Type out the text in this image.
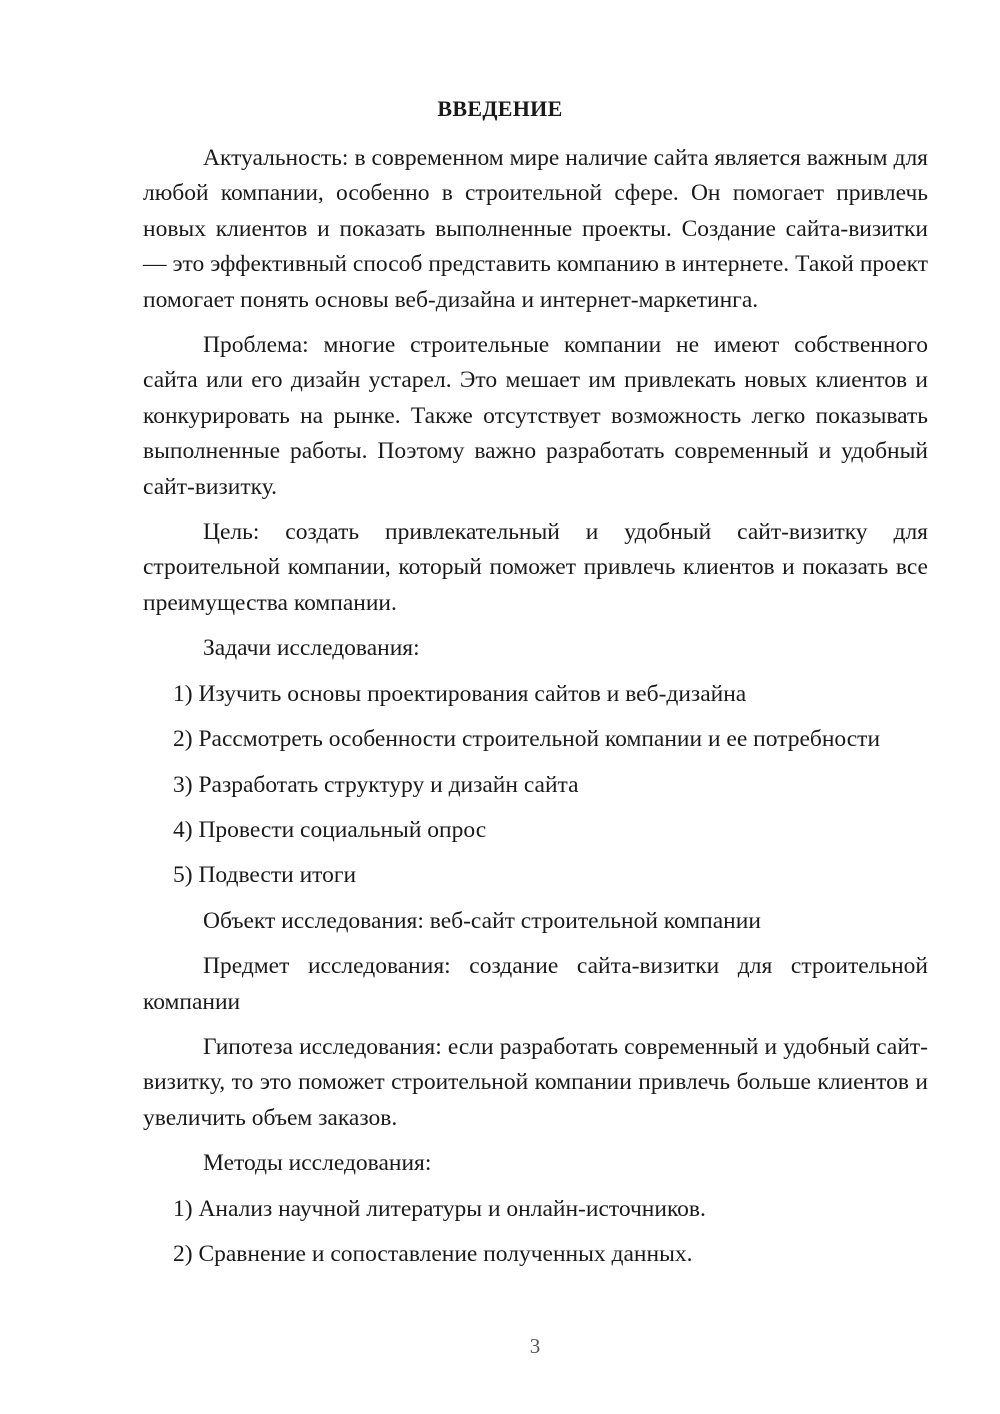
ВВЕДЕНИЕ

Актуальность: в современном мире наличие сайта является важным для любой компании, особенно в строительной сфере. Он помогает привлечь новых клиентов и показать выполненные проекты. Создание сайта-визитки — это эффективный способ представить компанию в интернете. Такой проект помогает понять основы веб-дизайна и интернет-маркетинга.

Проблема: многие строительные компании не имеют собственного сайта или его дизайн устарел. Это мешает им привлекать новых клиентов и конкурировать на рынке. Также отсутствует возможность легко показывать выполненные работы. Поэтому важно разработать современный и удобный сайт-визитку.

Цель: создать привлекательный и удобный сайт-визитку для строительной компании, который поможет привлечь клиентов и показать все преимущества компании.

Задачи исследования:

1) Изучить основы проектирования сайтов и веб-дизайна
2) Рассмотреть особенности строительной компании и ее потребности
3) Разработать структуру и дизайн сайта
4) Провести социальный опрос
5) Подвести итоги

Объект исследования: веб-сайт строительной компании

Предмет исследования: создание сайта-визитки для строительной компании

Гипотеза исследования: если разработать современный и удобный сайт-визитку, то это поможет строительной компании привлечь больше клиентов и увеличить объем заказов.

Методы исследования:

1) Анализ научной литературы и онлайн-источников.
2) Сравнение и сопоставление полученных данных.
3
